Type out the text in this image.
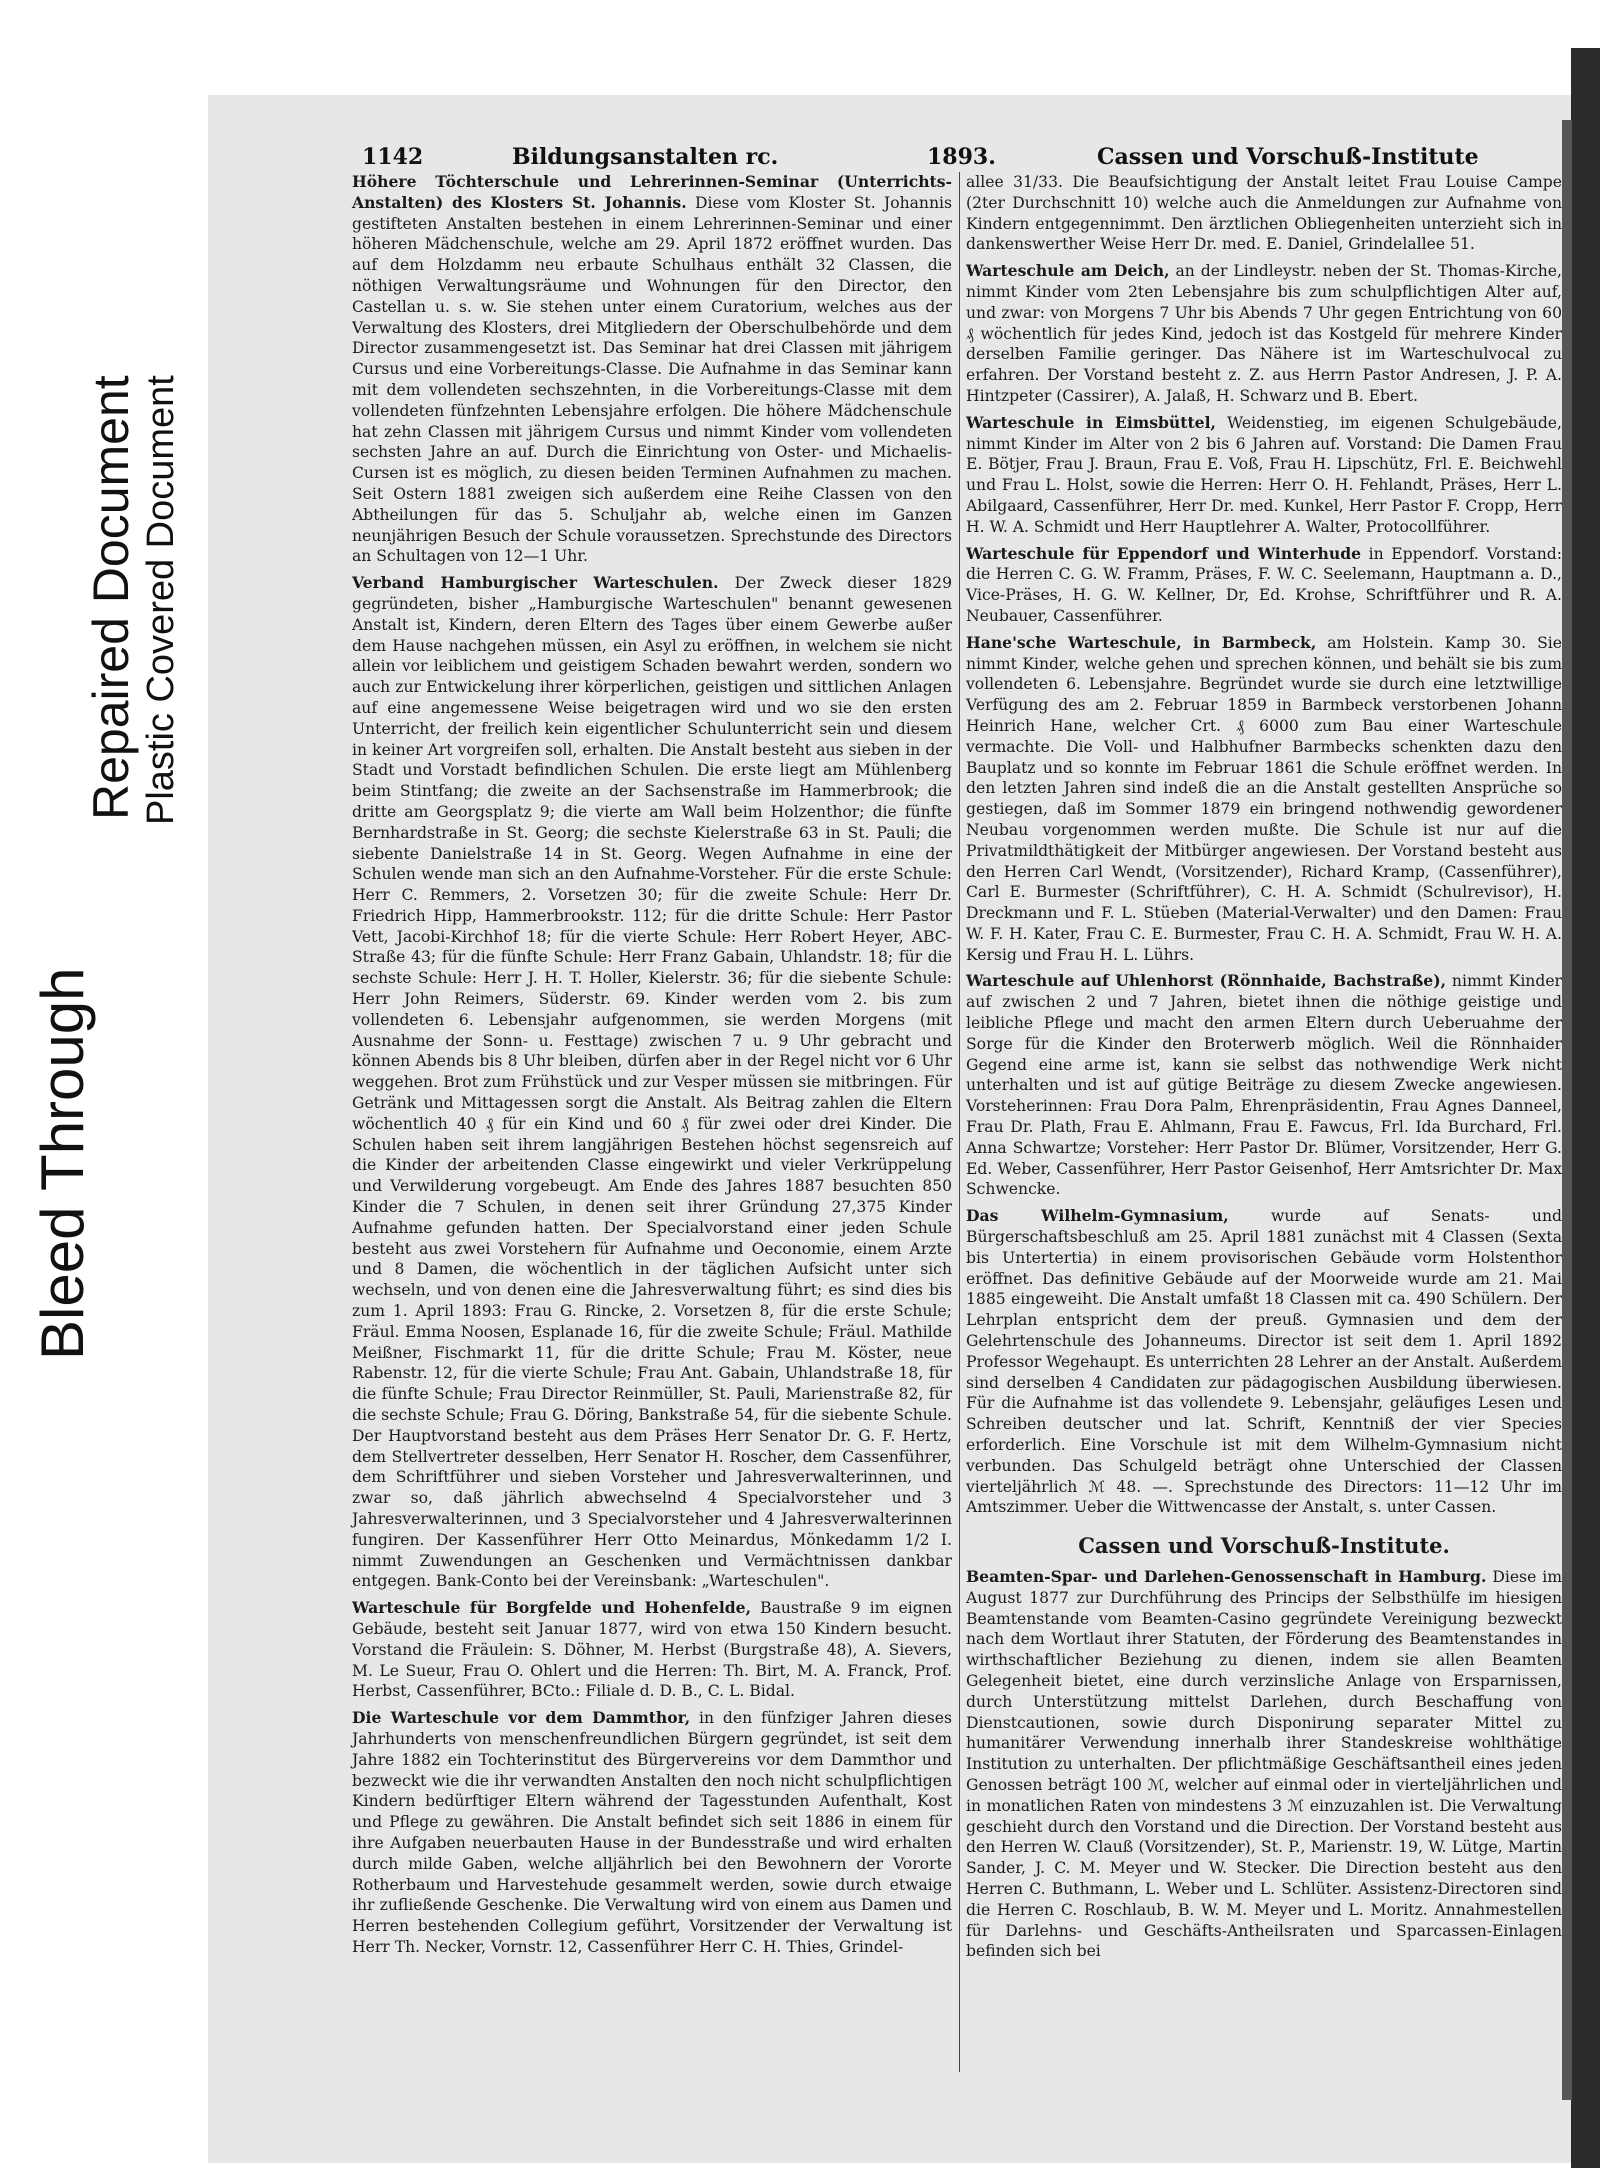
Bleed Through
Repaired Document Plastic Covered Document
1142	Bildungsanstalten rc.	1893.	Cassen und Vorschuß-Institute

Höhere Töchterschule und Lehrerinnen-Seminar (Unterrichts-Anstalten) des Klosters St. Johannis. Diese vom Kloster St. Johannis gestifteten Anstalten bestehen in einem Lehrerinnen-Seminar und einer höheren Mädchenschule, welche am 29. April 1872 eröffnet wurden. Das auf dem Holzdamm neu erbaute Schulhaus enthält 32 Classen, die nöthigen Verwaltungsräume und Wohnungen für den Director, den Castellan u. s. w. Sie stehen unter einem Curatorium, welches aus der Verwaltung des Klosters, drei Mitgliedern der Oberschulbehörde und dem Director zusammengesetzt ist. Das Seminar hat drei Classen mit jährigem Cursus und eine Vorbereitungs-Classe. Die Aufnahme in das Seminar kann mit dem vollendeten sechszehnten, in die Vorbereitungs-Classe mit dem vollendeten fünfzehnten Lebensjahre erfolgen. Die höhere Mädchenschule hat zehn Classen mit jährigem Cursus und nimmt Kinder vom vollendeten sechsten Jahre an auf. Durch die Einrichtung von Oster- und Michaelis-Cursen ist es möglich, zu diesen beiden Terminen Aufnahmen zu machen. Seit Ostern 1881 zweigen sich außerdem eine Reihe Classen von den Abtheilungen für das 5. Schuljahr ab, welche einen im Ganzen neunjährigen Besuch der Schule voraussetzen. Sprechstunde des Directors an Schultagen von 12—1 Uhr.

Verband Hamburgischer Warteschulen. Der Zweck dieser 1829 gegründeten, bisher „Hamburgische Warteschulen" benannt gewesenen Anstalt ist, Kindern, deren Eltern des Tages über einem Gewerbe außer dem Hause nachgehen müssen, ein Asyl zu eröffnen, in welchem sie nicht allein vor leiblichem und geistigem Schaden bewahrt werden, sondern wo auch zur Entwickelung ihrer körperlichen, geistigen und sittlichen Anlagen auf eine angemessene Weise beigetragen wird und wo sie den ersten Unterricht, der freilich kein eigentlicher Schulunterricht sein und diesem in keiner Art vorgreifen soll, erhalten. Die Anstalt besteht aus sieben in der Stadt und Vorstadt befindlichen Schulen. Die erste liegt am Mühlenberg beim Stintfang; die zweite an der Sachsenstraße im Hammerbrook; die dritte am Georgsplatz 9; die vierte am Wall beim Holzenthor; die fünfte Bernhardstraße in St. Georg; die sechste Kielerstraße 63 in St. Pauli; die siebente Danielstraße 14 in St. Georg. Wegen Aufnahme in eine der Schulen wende man sich an den Aufnahme-Vorsteher. Für die erste Schule: Herr C. Remmers, 2. Vorsetzen 30; für die zweite Schule: Herr Dr. Friedrich Hipp, Hammerbrookstr. 112; für die dritte Schule: Herr Pastor Vett, Jacobi-Kirchhof 18; für die vierte Schule: Herr Robert Heyer, ABC-Straße 43; für die fünfte Schule: Herr Franz Gabain, Uhlandstr. 18; für die sechste Schule: Herr J. H. T. Holler, Kielerstr. 36; für die siebente Schule: Herr John Reimers, Süderstr. 69. Kinder werden vom 2. bis zum vollendeten 6. Lebensjahr aufgenommen, sie werden Morgens (mit Ausnahme der Sonn- u. Festtage) zwischen 7 u. 9 Uhr gebracht und können Abends bis 8 Uhr bleiben, dürfen aber in der Regel nicht vor 6 Uhr weggehen. Brot zum Frühstück und zur Vesper müssen sie mitbringen. Für Getränk und Mittagessen sorgt die Anstalt. Als Beitrag zahlen die Eltern wöchentlich 40 ₰ für ein Kind und 60 ₰ für zwei oder drei Kinder. Die Schulen haben seit ihrem langjährigen Bestehen höchst segensreich auf die Kinder der arbeitenden Classe eingewirkt und vieler Verkrüppelung und Verwilderung vorgebeugt. Am Ende des Jahres 1887 besuchten 850 Kinder die 7 Schulen, in denen seit ihrer Gründung 27,375 Kinder Aufnahme gefunden hatten. Der Specialvorstand einer jeden Schule besteht aus zwei Vorstehern für Aufnahme und Oeconomie, einem Arzte und 8 Damen, die wöchentlich in der täglichen Aufsicht unter sich wechseln, und von denen eine die Jahresverwaltung führt; es sind dies bis zum 1. April 1893: Frau G. Rincke, 2. Vorsetzen 8, für die erste Schule; Fräul. Emma Noosen, Esplanade 16, für die zweite Schule; Fräul. Mathilde Meißner, Fischmarkt 11, für die dritte Schule; Frau M. Köster, neue Rabenstr. 12, für die vierte Schule; Frau Ant. Gabain, Uhlandstraße 18, für die fünfte Schule; Frau Director Reinmüller, St. Pauli, Marienstraße 82, für die sechste Schule; Frau G. Döring, Bankstraße 54, für die siebente Schule. Der Hauptvorstand besteht aus dem Präses Herr Senator Dr. G. F. Hertz, dem Stellvertreter desselben, Herr Senator H. Roscher, dem Cassenführer, dem Schriftführer und sieben Vorsteher und Jahresverwalterinnen, und zwar so, daß jährlich abwechselnd 4 Specialvorsteher und 3 Jahresverwalterinnen, und 3 Specialvorsteher und 4 Jahresverwalterinnen fungiren. Der Kassenführer Herr Otto Meinardus, Mönkedamm 1/2 I. nimmt Zuwendungen an Geschenken und Vermächtnissen dankbar entgegen. Bank-Conto bei der Vereinsbank: „Warteschulen".

Warteschule für Borgfelde und Hohenfelde, Baustraße 9 im eignen Gebäude, besteht seit Januar 1877, wird von etwa 150 Kindern besucht. Vorstand die Fräulein: S. Döhner, M. Herbst (Burgstraße 48), A. Sievers, M. Le Sueur, Frau O. Ohlert und die Herren: Th. Birt, M. A. Franck, Prof. Herbst, Cassenführer, BCto.: Filiale d. D. B., C. L. Bidal.

Die Warteschule vor dem Dammthor, in den fünfziger Jahren dieses Jahrhunderts von menschenfreundlichen Bürgern gegründet, ist seit dem Jahre 1882 ein Tochterinstitut des Bürgervereins vor dem Dammthor und bezweckt wie die ihr verwandten Anstalten den noch nicht schulpflichtigen Kindern bedürftiger Eltern während der Tagesstunden Aufenthalt, Kost und Pflege zu gewähren. Die Anstalt befindet sich seit 1886 in einem für ihre Aufgaben neuerbauten Hause in der Bundesstraße und wird erhalten durch milde Gaben, welche alljährlich bei den Bewohnern der Vororte Rotherbaum und Harvestehude gesammelt werden, sowie durch etwaige ihr zufließende Geschenke. Die Verwaltung wird von einem aus Damen und Herren bestehenden Collegium geführt, Vorsitzender der Verwaltung ist Herr Th. Necker, Vornstr. 12, Cassenführer Herr C. H. Thies, Grindel-

allee 31/33. Die Beaufsichtigung der Anstalt leitet Frau Louise Campe (2ter Durchschnitt 10) welche auch die Anmeldungen zur Aufnahme von Kindern entgegennimmt. Den ärztlichen Obliegenheiten unterzieht sich in dankenswerther Weise Herr Dr. med. E. Daniel, Grindelallee 51.

Warteschule am Deich, an der Lindleystr. neben der St. Thomas-Kirche, nimmt Kinder vom 2ten Lebensjahre bis zum schulpflichtigen Alter auf, und zwar: von Morgens 7 Uhr bis Abends 7 Uhr gegen Entrichtung von 60 ₰ wöchentlich für jedes Kind, jedoch ist das Kostgeld für mehrere Kinder derselben Familie geringer. Das Nähere ist im Warteschulvocal zu erfahren. Der Vorstand besteht z. Z. aus Herrn Pastor Andresen, J. P. A. Hintzpeter (Cassirer), A. Jalaß, H. Schwarz und B. Ebert.

Warteschule in Eimsbüttel, Weidenstieg, im eigenen Schulgebäude, nimmt Kinder im Alter von 2 bis 6 Jahren auf. Vorstand: Die Damen Frau E. Bötjer, Frau J. Braun, Frau E. Voß, Frau H. Lipschütz, Frl. E. Beichwehl und Frau L. Holst, sowie die Herren: Herr O. H. Fehlandt, Präses, Herr L. Abilgaard, Cassenführer, Herr Dr. med. Kunkel, Herr Pastor F. Cropp, Herr H. W. A. Schmidt und Herr Hauptlehrer A. Walter, Protocollführer.

Warteschule für Eppendorf und Winterhude in Eppendorf. Vorstand: die Herren C. G. W. Framm, Präses, F. W. C. Seelemann, Hauptmann a. D., Vice-Präses, H. G. W. Kellner, Dr, Ed. Krohse, Schriftführer und R. A. Neubauer, Cassenführer.

Hane'sche Warteschule, in Barmbeck, am Holstein. Kamp 30. Sie nimmt Kinder, welche gehen und sprechen können, und behält sie bis zum vollendeten 6. Lebensjahre. Begründet wurde sie durch eine letztwillige Verfügung des am 2. Februar 1859 in Barmbeck verstorbenen Johann Heinrich Hane, welcher Crt. ₰ 6000 zum Bau einer Warteschule vermachte. Die Voll- und Halbhufner Barmbecks schenkten dazu den Bauplatz und so konnte im Februar 1861 die Schule eröffnet werden. In den letzten Jahren sind indeß die an die Anstalt gestellten Ansprüche so gestiegen, daß im Sommer 1879 ein bringend nothwendig gewordener Neubau vorgenommen werden mußte. Die Schule ist nur auf die Privatmildthätigkeit der Mitbürger angewiesen. Der Vorstand besteht aus den Herren Carl Wendt, (Vorsitzender), Richard Kramp, (Cassenführer), Carl E. Burmester (Schriftführer), C. H. A. Schmidt (Schulrevisor), H. Dreckmann und F. L. Stüeben (Material-Verwalter) und den Damen: Frau W. F. H. Kater, Frau C. E. Burmester, Frau C. H. A. Schmidt, Frau W. H. A. Kersig und Frau H. L. Lührs.

Warteschule auf Uhlenhorst (Rönnhaide, Bachstraße), nimmt Kinder auf zwischen 2 und 7 Jahren, bietet ihnen die nöthige geistige und leibliche Pflege und macht den armen Eltern durch Ueberuahme der Sorge für die Kinder den Broterwerb möglich. Weil die Rönnhaider Gegend eine arme ist, kann sie selbst das nothwendige Werk nicht unterhalten und ist auf gütige Beiträge zu diesem Zwecke angewiesen. Vorsteherinnen: Frau Dora Palm, Ehrenpräsidentin, Frau Agnes Danneel, Frau Dr. Plath, Frau E. Ahlmann, Frau E. Fawcus, Frl. Ida Burchard, Frl. Anna Schwartze; Vorsteher: Herr Pastor Dr. Blümer, Vorsitzender, Herr G. Ed. Weber, Cassenführer, Herr Pastor Geisenhof, Herr Amtsrichter Dr. Max Schwencke.

Das Wilhelm-Gymnasium,	wurde auf Senats- und Bürgerschaftsbeschluß am 25. April 1881 zunächst mit 4 Classen (Sexta bis Untertertia) in einem provisorischen Gebäude vorm Holstenthor eröffnet. Das definitive Gebäude auf der Moorweide wurde am 21. Mai 1885 eingeweiht. Die Anstalt umfaßt 18 Classen mit ca. 490 Schülern. Der Lehrplan entspricht dem der preuß. Gymnasien und dem der Gelehrtenschule des Johanneums. Director ist seit dem 1. April 1892 Professor Wegehaupt. Es unterrichten 28 Lehrer an der Anstalt. Außerdem sind derselben 4 Candidaten zur pädagogischen Ausbildung überwiesen. Für die Aufnahme ist das vollendete 9. Lebensjahr, geläufiges Lesen und Schreiben deutscher und lat. Schrift, Kenntniß der vier Species erforderlich. Eine Vorschule ist mit dem Wilhelm-Gymnasium nicht verbunden. Das Schulgeld beträgt ohne Unterschied der Classen vierteljährlich ℳ 48. —. Sprechstunde des Directors: 11—12 Uhr im Amtszimmer. Ueber die Wittwencasse der Anstalt, s. unter Cassen.

Cassen und Vorschuß-Institute.

Beamten-Spar- und Darlehen-Genossenschaft in Hamburg. Diese im August 1877 zur Durchführung des Princips der Selbsthülfe im hiesigen Beamtenstande vom Beamten-Casino gegründete Vereinigung bezweckt nach dem Wortlaut ihrer Statuten, der Förderung des Beamtenstandes in wirthschaftlicher Beziehung zu dienen, indem sie allen Beamten Gelegenheit bietet, eine durch verzinsliche Anlage von Ersparnissen, durch Unterstützung mittelst Darlehen, durch Beschaffung von Dienstcautionen, sowie durch Disponirung separater Mittel zu humanitärer Verwendung innerhalb ihrer Standeskreise wohlthätige Institution zu unterhalten. Der pflichtmäßige Geschäftsantheil eines jeden Genossen beträgt 100 ℳ, welcher auf einmal oder in vierteljährlichen und in monatlichen Raten von mindestens 3 ℳ einzuzahlen ist. Die Verwaltung geschieht durch den Vorstand und die Direction. Der Vorstand besteht aus den Herren W. Clauß (Vorsitzender), St. P., Marienstr. 19, W. Lütge, Martin Sander, J. C. M. Meyer und W. Stecker. Die Direction besteht aus den Herren C. Buthmann, L. Weber und L. Schlüter. Assistenz-Directoren sind die Herren C. Roschlaub, B. W. M. Meyer und L. Moritz. Annahmestellen für Darlehns- und Geschäfts-Antheilsraten und Sparcassen-Einlagen befinden sich bei
